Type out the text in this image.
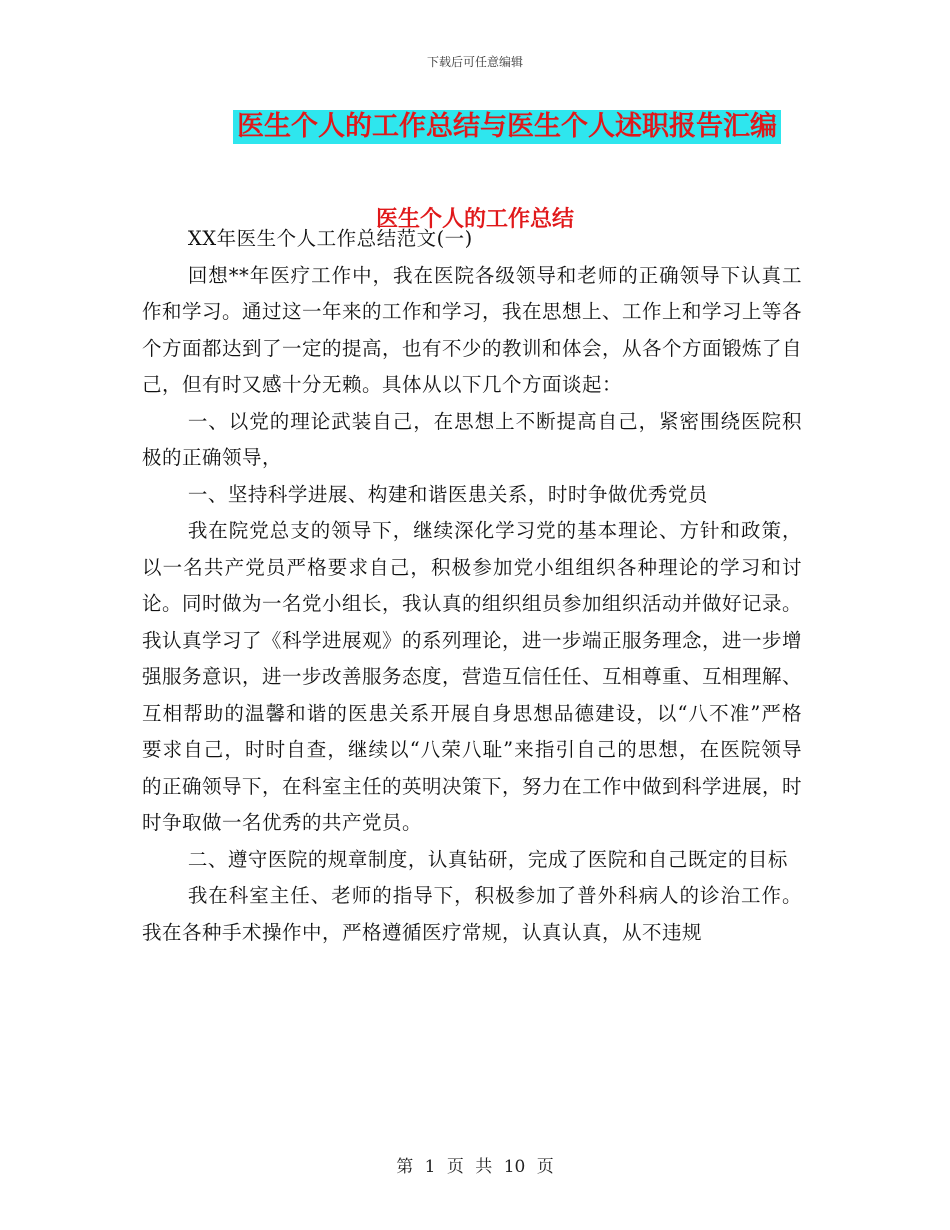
下载后可任意编辑
医生个人的工作总结与医生个人述职报告汇编
医生个人的工作总结

XX年医生个人工作总结范文(一)

回想**年医疗工作中，我在医院各级领导和老师的正确领导下认真工作和学习。通过这一年来的工作和学习，我在思想上、工作上和学习上等各个方面都达到了一定的提高，也有不少的教训和体会，从各个方面锻炼了自己，但有时又感十分无赖。具体从以下几个方面谈起：

一、以党的理论武装自己，在思想上不断提高自己，紧密围绕医院积极的正确领导，

一、坚持科学进展、构建和谐医患关系，时时争做优秀党员

我在院党总支的领导下，继续深化学习党的基本理论、方针和政策，以一名共产党员严格要求自己，积极参加党小组组织各种理论的学习和讨论。同时做为一名党小组长，我认真的组织组员参加组织活动并做好记录。我认真学习了《科学进展观》的系列理论，进一步端正服务理念，进一步增强服务意识，进一步改善服务态度，营造互信任任、互相尊重、互相理解、互相帮助的温馨和谐的医患关系开展自身思想品德建设，以“八不准”严格要求自己，时时自查，继续以“八荣八耻”来指引自己的思想，在医院领导的正确领导下，在科室主任的英明决策下，努力在工作中做到科学进展，时时争取做一名优秀的共产党员。

二、遵守医院的规章制度，认真钻研，完成了医院和自己既定的目标

我在科室主任、老师的指导下，积极参加了普外科病人的诊治工作。我在各种手术操作中，严格遵循医疗常规，认真认真，从不违规

第 1 页 共 10 页
